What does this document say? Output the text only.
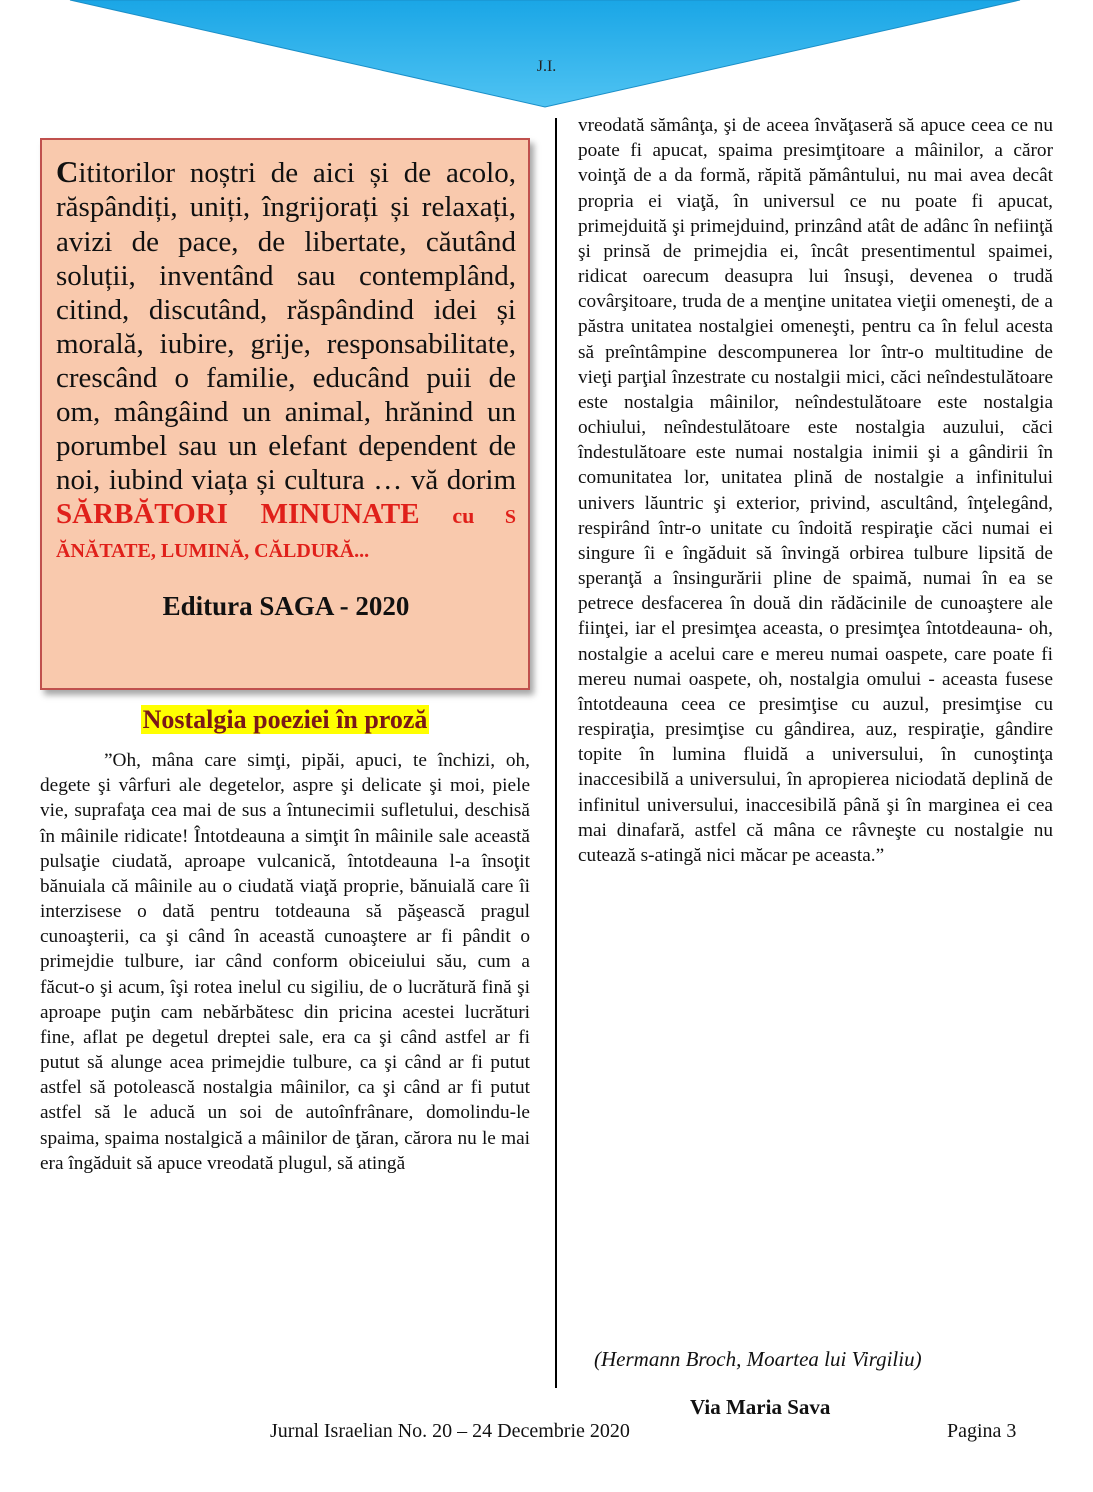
J.I.
Cititorilor noștri de aici și de acolo, răspândiți, uniți, îngrijorați și relaxați, avizi de pace, de libertate, căutând soluții, inventând sau contemplând, citind, discutând, răspândind idei și morală, iubire, grije, responsabilitate, crescând o familie, educând puii de om, mângâind un animal, hrănind un porumbel sau un elefant dependent de noi, iubind viața și cultura … vă dorim SĂRBĂTORI MINUNATE cu S ĂNĂTATE, LUMINĂ, CĂLDURĂ...
Editura SAGA - 2020
Nostalgia poeziei în proză

”Oh, mâna care simţi, pipăi, apuci, te închizi, oh, degete şi vârfuri ale degetelor, aspre şi delicate şi moi, piele vie, suprafaţa cea mai de sus a întunecimii sufletului, deschisă în mâinile ridicate! Întotdeauna a simţit în mâinile sale această pulsaţie ciudată, aproape vulcanică, întotdeauna l-a însoţit bănuiala că mâinile au o ciudată viaţă proprie, bănuială care îi interzisese o dată pentru totdeauna să păşească pragul cunoaşterii, ca şi când în această cunoaştere ar fi pândit o primejdie tulbure, iar când conform obiceiului său, cum a făcut-o şi acum, îşi rotea inelul cu sigiliu, de o lucrătură fină şi aproape puţin cam nebărbătesc din pricina acestei lucrături fine, aflat pe degetul dreptei sale, era ca şi când astfel ar fi putut să alunge acea primejdie tulbure, ca şi când ar fi putut astfel să potolească nostalgia mâinilor, ca şi când ar fi putut astfel să le aducă un soi de autoînfrânare, domolindu-le spaima, spaima nostalgică a mâinilor de ţăran, cărora nu le mai era îngăduit să apuce vreodată plugul, să atingă

vreodată sămânţa, şi de aceea învăţaseră să apuce ceea ce nu poate fi apucat, spaima presimţitoare a mâinilor, a căror voinţă de a da formă, răpită pământului, nu mai avea decât propria ei viaţă, în universul ce nu poate fi apucat, primejduită şi primejduind, prinzând atât de adânc în nefiinţă şi prinsă de primejdia ei, încât presentimentul spaimei, ridicat oarecum deasupra lui însuşi, devenea o trudă covârşitoare, truda de a menţine unitatea vieţii omeneşti, de a păstra unitatea nostalgiei omeneşti, pentru ca în felul acesta să preîntâmpine descompunerea lor într-o multitudine de vieţi parţial înzestrate cu nostalgii mici, căci neîndestulătoare este nostalgia mâinilor, neîndestulătoare este nostalgia ochiului, neîndestulătoare este nostalgia auzului, căci îndestulătoare este numai nostalgia inimii şi a gândirii în comunitatea lor, unitatea plină de nostalgie a infinitului univers lăuntric şi exterior, privind, ascultând, înţelegând, respirând într-o unitate cu îndoită respiraţie căci numai ei singure îi e îngăduit să învingă orbirea tulbure lipsită de speranţă a însingurării pline de spaimă, numai în ea se petrece desfacerea în două din rădăcinile de cunoaştere ale fiinţei, iar el presimţea aceasta, o presimţea întotdeauna- oh, nostalgie a acelui care e mereu numai oaspete, care poate fi mereu numai oaspete, oh, nostalgia omului - aceasta fusese întotdeauna ceea ce presimţise cu auzul, presimţise cu respiraţia, presimţise cu gândirea, auz, respiraţie, gândire topite în lumina fluidă a universului, în cunoştinţa inaccesibilă a universului, în apropierea niciodată deplină de infinitul universului, inaccesibilă până şi în marginea ei cea mai dinafară, astfel că mâna ce râvneşte cu nostalgie nu cutează s-atingă nici măcar pe aceasta.”

(Hermann Broch, Moartea lui Virgiliu)
Via Maria Sava
Jurnal Israelian No. 20 – 24 Decembrie 2020	Pagina 3
